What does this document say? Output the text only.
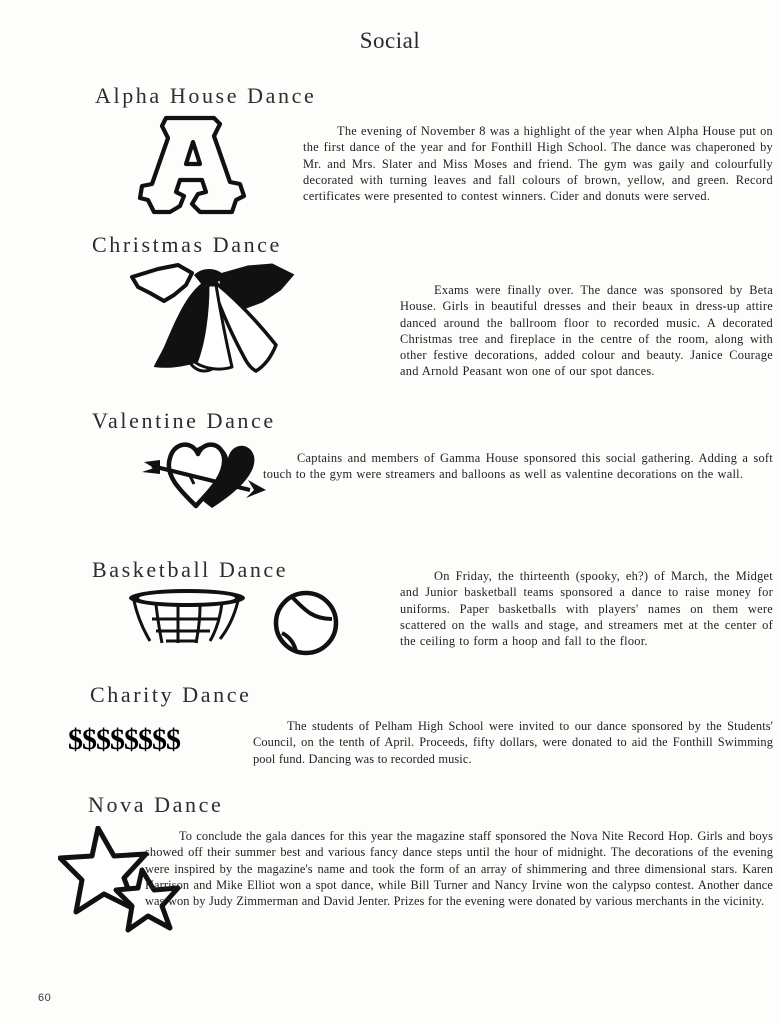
Social
Alpha House Dance
The evening of November 8 was a highlight of the year when Alpha House put on the first dance of the year and for Fonthill High School. The dance was chaperoned by Mr. and Mrs. Slater and Miss Moses and friend. The gym was gaily and colourfully decorated with turning leaves and fall colours of brown, yellow, and green. Record certificates were presented to contest winners. Cider and donuts were served.
Christmas Dance
Exams were finally over. The dance was sponsored by Beta House. Girls in beautiful dresses and their beaux in dress-up attire danced around the ballroom floor to recorded music. A decorated Christmas tree and fireplace in the centre of the room, along with other festive decorations, added colour and beauty. Janice Courage and Arnold Peasant won one of our spot dances.
Valentine Dance
Captains and members of Gamma House sponsored this social gathering. Adding a soft touch to the gym were streamers and balloons as well as valentine decorations on the wall.
Basketball Dance	On Friday, the thirteenth (spooky, eh?) of March, the Midget and Junior basketball teams sponsored a dance to raise money for uniforms. Paper basketballs with players' names on them were scattered on the walls and stage, and streamers met at the center of the ceiling to form a hoop and fall to the floor.
Charity Dance
$$$$$$$$	The students of Pelham High School were invited to our dance sponsored by the Students' Council, on the tenth of April. Proceeds, fifty dollars, were donated to aid the Fonthill Swimming pool fund. Dancing was to recorded music.
Nova Dance
To conclude the gala dances for this year the magazine staff sponsored the Nova Nite Record Hop. Girls and boys showed off their summer best and various fancy dance steps until the hour of midnight. The decorations of the evening were inspired by the magazine's name and took the form of an array of shimmering and three dimensional stars. Karen Harrison and Mike Elliot won a spot dance, while Bill Turner and Nancy Irvine won the calypso contest. Another dance was won by Judy Zimmerman and David Jenter. Prizes for the evening were donated by various merchants in the vicinity.
60
